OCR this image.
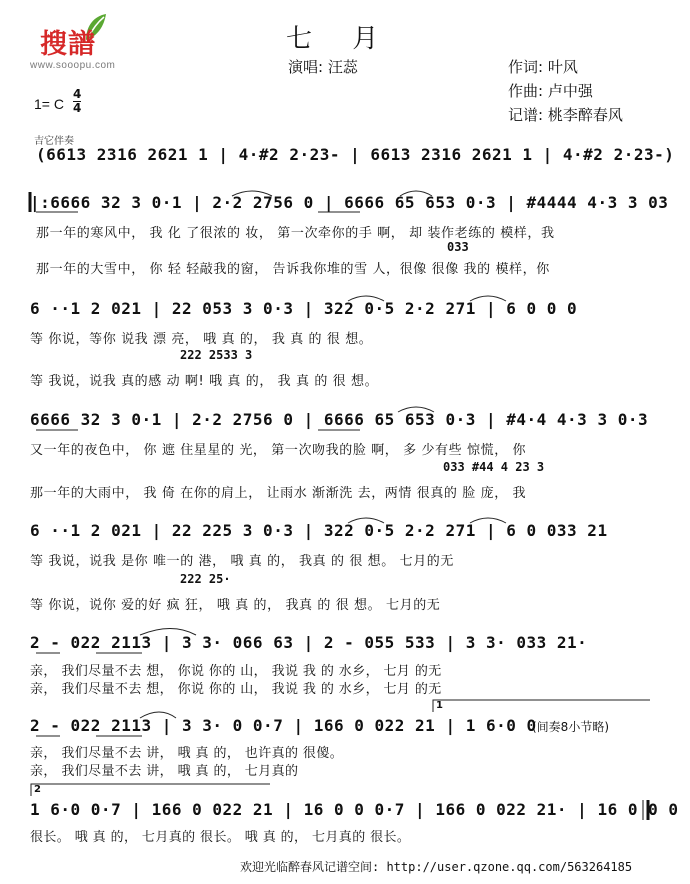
搜譜
www.sooopu.com
七 月
演唱: 汪蕊	作词: 叶风
作曲: 卢中强
记谱: 桃李醉春风
1= C $\frac{4}{4}$
吉它伴奏
(6613 2316 2621 1 | 4·#2 2·23- | 6613 2316 2621 1 | 4·#2 2·23-)
|:6666 32 3 0·1 | 2·2 2756 0 | 6666 65 653 0·3 | #4444 4·3 3 03
那一年的寒风中， 我 化 了很浓的 妆， 第一次牵你的手 啊， 却 装作老练的 模样，我
033
那一年的大雪中， 你 轻 轻敲我的窗， 告诉我你堆的雪 人，很像 很像 我的 模样，你
6 ··1 2 021 | 22 053 3 0·3 | 322 0·5 2·2 271 | 6 0 0 0
等 你说，等你 说我 漂 亮， 哦 真 的， 我 真 的 很 想。
222 2533 3
等 我说，说我 真的感 动 啊! 哦 真 的， 我 真 的 很 想。
6666 32 3 0·1 | 2·2 2756 0 | 6666 65 653 0·3 | #4·4 4·3 3 0·3
又一年的夜色中， 你 遮 住星星的 光， 第一次吻我的脸 啊， 多 少有些 惊慌， 你
033 #44 4 23 3
那一年的大雨中， 我 倚 在你的肩上， 让雨水 渐渐洗 去，两情 很真的 脸 庞， 我
6 ··1 2 021 | 22 225 3 0·3 | 322 0·5 2·2 271 | 6 0 033 21
等 我说，说我 是你 唯一的 港， 哦 真 的， 我真 的 很 想。 七月的无
222 25·
等 你说，说你 爱的好 疯 狂， 哦 真 的， 我真 的 很 想。 七月的无
2 - 022 2113 | 3 3· 066 63 | 2 - 055 533 | 3 3· 033 21·
亲， 我们尽量不去 想， 你说 你的 山， 我说 我 的 水乡， 七月 的无
亲， 我们尽量不去 想， 你说 你的 山， 我说 我 的 水乡， 七月 的无
2 - 022 2113 | 3 3· 0 0·7 | 166 0 022 21 | 1 6·0 0
(间奏8小节略)
亲， 我们尽量不去 讲， 哦 真 的， 也许真的 很傻。
亲， 我们尽量不去 讲， 哦 真 的， 七月真的
1
2
1 6·0 0·7 | 166 0 022 21 | 16 0 0 0·7 | 166 0 022 21· | 16 0 0 0
很长。 哦 真 的， 七月真的 很长。 哦 真 的， 七月真的 很长。
欢迎光临醉春风记谱空间: http://user.qzone.qq.com/563264185
